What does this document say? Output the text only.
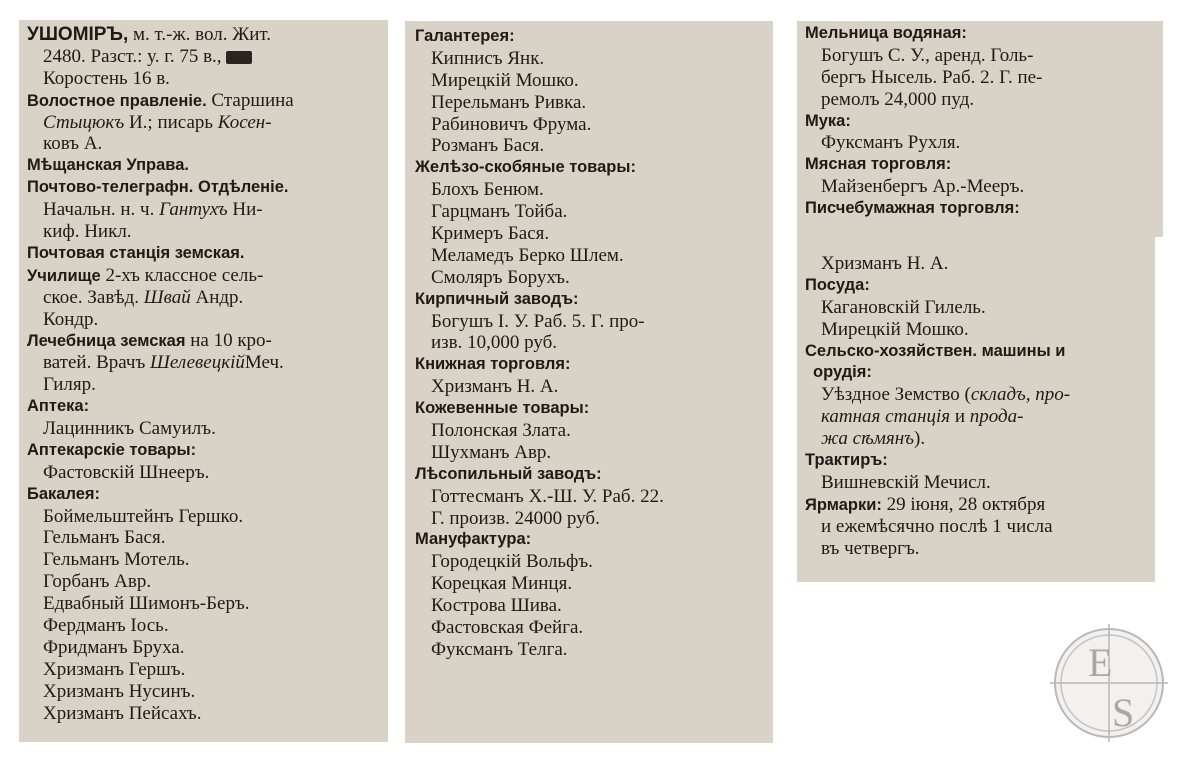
УШОМIРЪ, м. т.-ж. вол. Жит.
2480. Разст.: у. г. 75 в.,
Коростень 16 в.
Волостное правленiе. Старшина
Стыцюкъ И.; писарь Косен-
ковъ А.
Мѣщанская Управа.
Почтово-телеграфн. Отдѣленiе.
Начальн. н. ч. Гантухъ Ни-
киф. Никл.
Почтовая станцiя земская.
Училище 2-хъ классное сель-
ское. Завѣд. Швай Андр.
Кондр.
Лечебница земская на 10 кро-
ватей. Врачъ ШелевецкiйМеч.
Гиляр.
Аптека:
Лацинникъ Самуилъ.
Аптекарскiе товары:
Фастовскiй Шнееръ.
Бакалея:
Боймельштейнъ Гершко.
Гельманъ Бася.
Гельманъ Мотель.
Горбанъ Авр.
Едвабный Шимонъ-Беръ.
Фердманъ Iось.
Фридманъ Бруха.
Хризманъ Гершъ.
Хризманъ Нусинъ.
Хризманъ Пейсахъ.
Галантерея:
Кипнисъ Янк.
Мирецкiй Мошко.
Перельманъ Ривка.
Рабиновичъ Фрума.
Розманъ Бася.
Желѣзо-скобяные товары:
Блохъ Бенюм.
Гарцманъ Тойба.
Кримеръ Бася.
Меламедъ Берко Шлем.
Смоляръ Борухъ.
Кирпичный заводъ:
Богушъ I. У. Раб. 5. Г. про-
изв. 10,000 руб.
Книжная торговля:
Хризманъ Н. А.
Кожевенные товары:
Полонская Злата.
Шухманъ Авр.
Лѣсопильный заводъ:
Готтесманъ Х.-Ш. У. Раб. 22.
Г. произв. 24000 руб.
Мануфактура:
Городецкiй Вольфъ.
Корецкая Минця.
Кострова Шива.
Фастовская Фейга.
Фуксманъ Телга.
Мельница водяная:
Богушъ С. У., аренд. Голь-
бергъ Нысель. Раб. 2. Г. пе-
ремолъ 24,000 пуд.
Мука:
Фуксманъ Рухля.
Мясная торговля:
Майзенбергъ Ар.-Мееръ.
Писчебумажная торговля:
Хризманъ Н. А.
Посуда:
Кагановскiй Гилель.
Мирецкiй Мошко.
Сельско-хозяйствен. машины и
орудiя:
Уѣздное Земство (складъ, про-
катная станцiя и прода-
жа сѣмянъ).
Трактиръ:
Вишневскiй Мечисл.
Ярмарки: 29 iюня, 28 октября
и ежемѣсячно послѣ 1 числа
въ четвергъ.
E
S
